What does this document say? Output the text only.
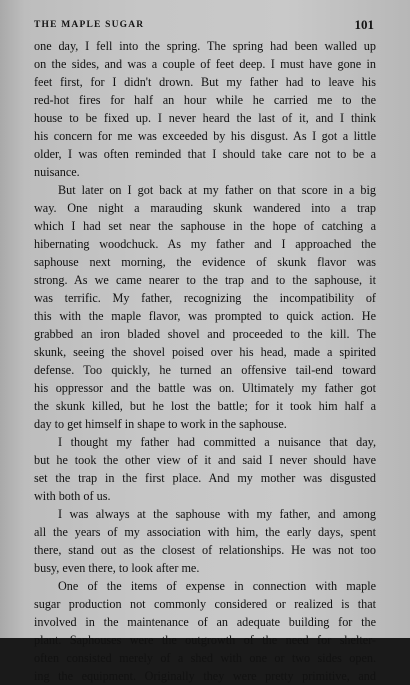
THE MAPLE SUGAR	101
one day, I fell into the spring. The spring had been walled up
on the sides, and was a couple of feet deep. I must have gone in
feet first, for I didn't drown. But my father had to leave his
red-hot fires for half an hour while he carried me to the
house to be fixed up. I never heard the last of it, and I think
his concern for me was exceeded by his disgust. As I got a little
older, I was often reminded that I should take care not to be a
nuisance.
But later on I got back at my father on that score in a big
way. One night a marauding skunk wandered into a trap
which I had set near the saphouse in the hope of catching a
hibernating woodchuck. As my father and I approached the
saphouse next morning, the evidence of skunk flavor was
strong. As we came nearer to the trap and to the saphouse, it
was terrific. My father, recognizing the incompatibility of
this with the maple flavor, was prompted to quick action. He
grabbed an iron bladed shovel and proceeded to the kill. The
skunk, seeing the shovel poised over his head, made a spirited
defense. Too quickly, he turned an offensive tail-end toward
his oppressor and the battle was on. Ultimately my father got
the skunk killed, but he lost the battle; for it took him half a
day to get himself in shape to work in the saphouse.
I thought my father had committed a nuisance that day,
but he took the other view of it and said I never should have
set the trap in the first place. And my mother was disgusted
with both of us.
I was always at the saphouse with my father, and among
all the years of my association with him, the early days, spent
there, stand out as the closest of relationships. He was not too
busy, even there, to look after me.
One of the items of expense in connection with maple
sugar production not commonly considered or realized is that
involved in the maintenance of an adequate building for the
plant. Saphouses were the outgrowth of the need for shelter-
often consisted merely of a shed with one or two sides open.
ing the equipment. Originally they were pretty primitive, and
